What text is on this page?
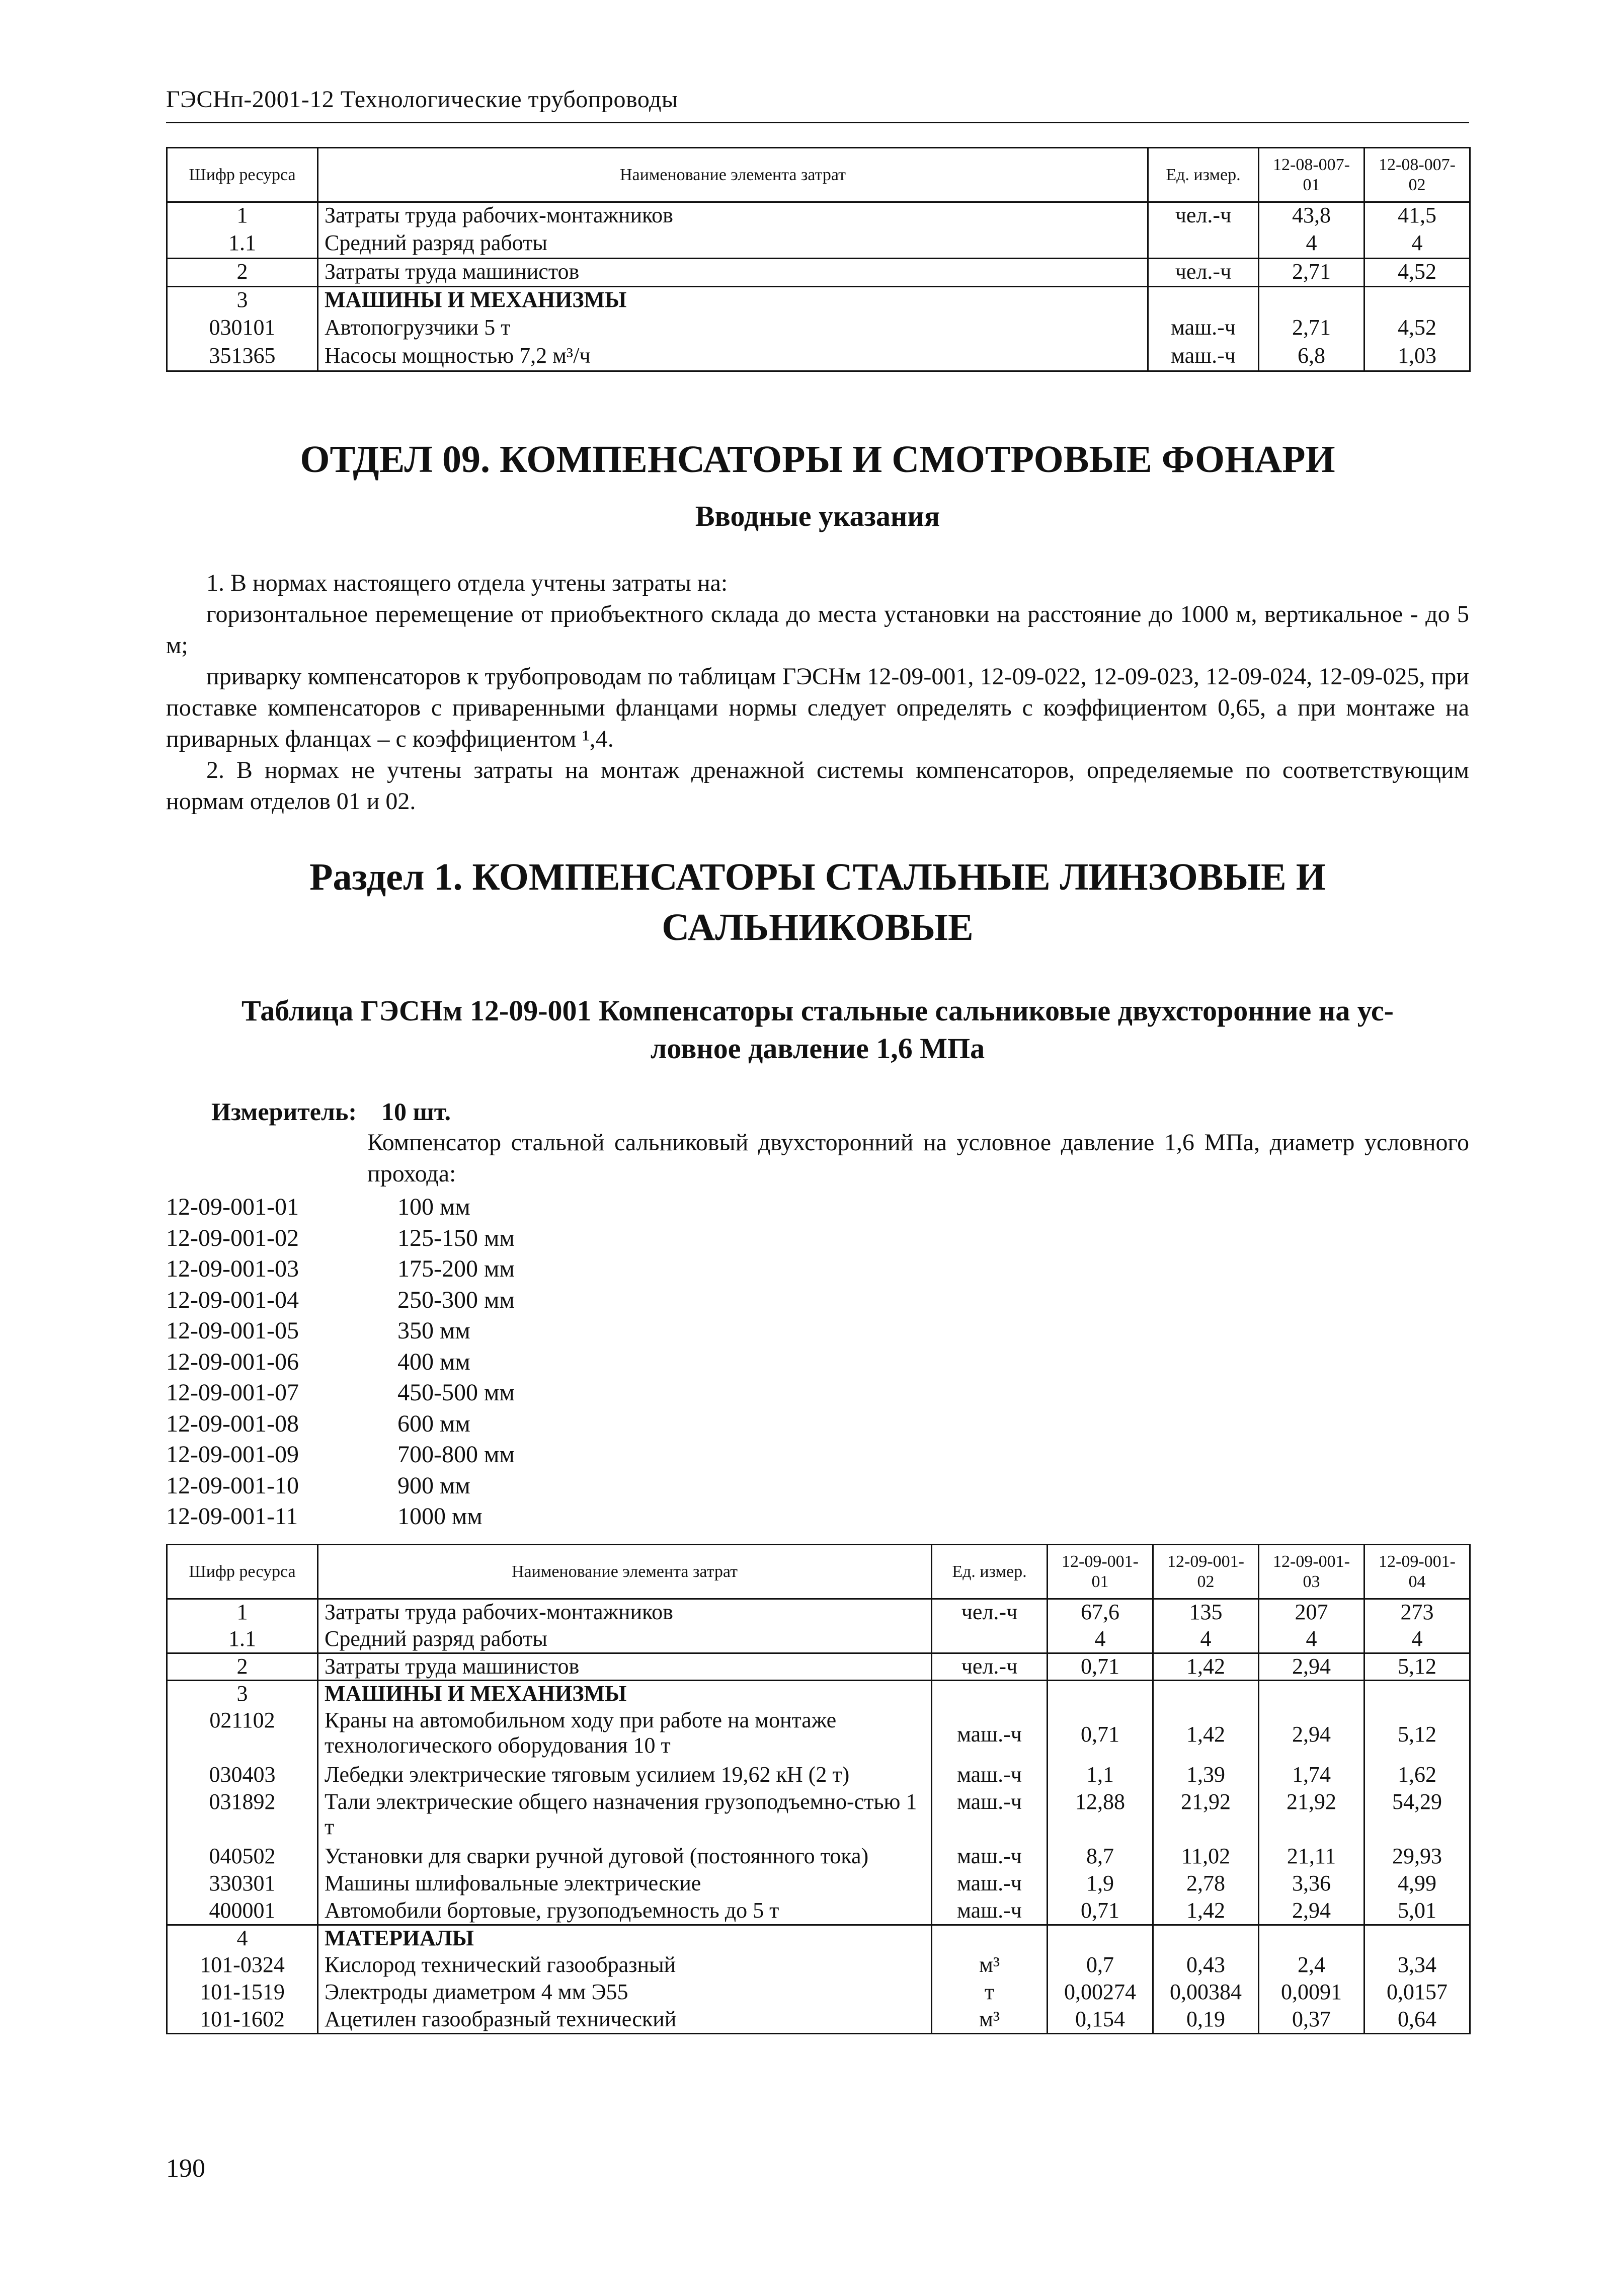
ГЭСНп-2001-12 Технологические трубопроводы
Шифр ресурса	Наименование элемента затрат	Ед. измер.	12-08-007-01	12-08-007-02
1	Затраты труда рабочих-монтажников	чел.-ч	43,8	41,5
1.1	Средний разряд работы		4	4
2	Затраты труда машинистов	чел.-ч	2,71	4,52
3	МАШИНЫ И МЕХАНИЗМЫ			
030101	Автопогрузчики 5 т	маш.-ч	2,71	4,52
351365	Насосы мощностью 7,2 м³/ч	маш.-ч	6,8	1,03
ОТДЕЛ 09. КОМПЕНСАТОРЫ И СМОТРОВЫЕ ФОНАРИ
Вводные указания
1. В нормах настоящего отдела учтены затраты на:
горизонтальное перемещение от приобъектного склада до места установки на расстояние до 1000 м, вертикальное - до 5 м;
приварку компенсаторов к трубопроводам по таблицам ГЭСНм 12-09-001, 12-09-022, 12-09-023, 12-09-024, 12-09-025, при поставке компенсаторов с приваренными фланцами нормы следует определять с коэффициентом 0,65, а при монтаже на приварных фланцах – с коэффициентом ¹,4.
2. В нормах не учтены затраты на монтаж дренажной системы компенсаторов, определяемые по соответствующим нормам отделов 01 и 02.
Раздел 1. КОМПЕНСАТОРЫ СТАЛЬНЫЕ ЛИНЗОВЫЕ И
САЛЬНИКОВЫЕ
Таблица ГЭСНм 12-09-001 Компенсаторы стальные сальниковые двухсторонние на ус-
ловное давление 1,6 МПа
Измеритель: 10 шт.
Компенсатор стальной сальниковый двухсторонний на условное давление 1,6 МПа, диаметр условного прохода:
12-09-001-01	100 мм
12-09-001-02	125-150 мм
12-09-001-03	175-200 мм
12-09-001-04	250-300 мм
12-09-001-05	350 мм
12-09-001-06	400 мм
12-09-001-07	450-500 мм
12-09-001-08	600 мм
12-09-001-09	700-800 мм
12-09-001-10	900 мм
12-09-001-11	1000 мм
Шифр ресурса	Наименование элемента затрат	Ед. измер.	12-09-001-01	12-09-001-02	12-09-001-03	12-09-001-04
1	Затраты труда рабочих-монтажников	чел.-ч	67,6	135	207	273
1.1	Средний разряд работы		4	4	4	4
2	Затраты труда машинистов	чел.-ч	0,71	1,42	2,94	5,12
3	МАШИНЫ И МЕХАНИЗМЫ					
021102	Краны на автомобильном ходу при работе на монтаже технологического оборудования 10 т	маш.-ч	0,71	1,42	2,94	5,12
030403	Лебедки электрические тяговым усилием 19,62 кН (2 т)	маш.-ч	1,1	1,39	1,74	1,62
031892	Тали электрические общего назначения грузоподъемно-стью 1 т	маш.-ч	12,88	21,92	21,92	54,29
040502	Установки для сварки ручной дуговой (постоянного тока)	маш.-ч	8,7	11,02	21,11	29,93
330301	Машины шлифовальные электрические	маш.-ч	1,9	2,78	3,36	4,99
400001	Автомобили бортовые, грузоподъемность до 5 т	маш.-ч	0,71	1,42	2,94	5,01
4	МАТЕРИАЛЫ					
101-0324	Кислород технический газообразный	м³	0,7	0,43	2,4	3,34
101-1519	Электроды диаметром 4 мм Э55	т	0,00274	0,00384	0,0091	0,0157
101-1602	Ацетилен газообразный технический	м³	0,154	0,19	0,37	0,64
190
